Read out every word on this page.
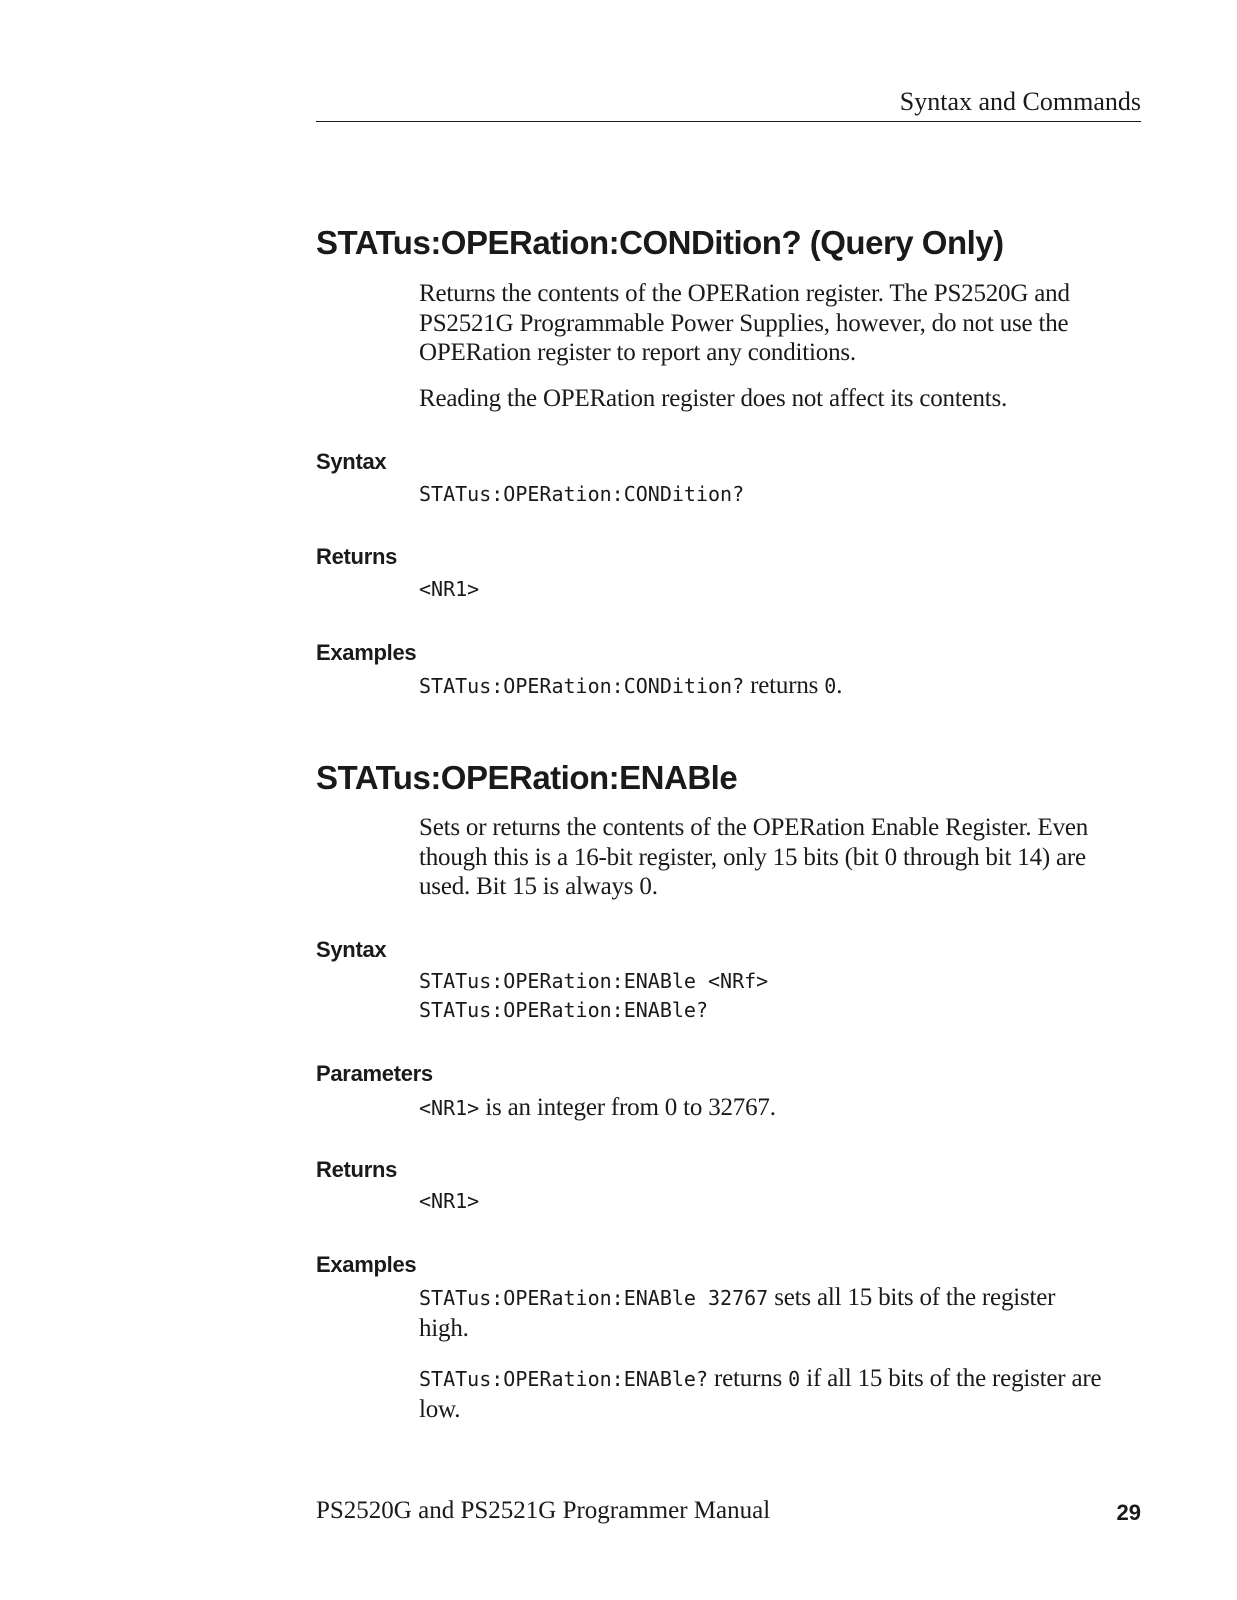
Syntax and Commands
STATus:OPERation:CONDition? (Query Only)
Returns the contents of the OPERation register. The PS2520G and PS2521G Programmable Power Supplies, however, do not use the OPERation register to report any conditions.
Reading the OPERation register does not affect its contents.
Syntax
STATus:OPERation:CONDition?
Returns
<NR1>
Examples
STATus:OPERation:CONDition? returns 0.
STATus:OPERation:ENABle
Sets or returns the contents of the OPERation Enable Register. Even though this is a 16-bit register, only 15 bits (bit 0 through bit 14) are used. Bit 15 is always 0.
Syntax
STATus:OPERation:ENABle <NRf>
STATus:OPERation:ENABle?
Parameters
<NR1> is an integer from 0 to 32767.
Returns
<NR1>
Examples
STATus:OPERation:ENABle 32767 sets all 15 bits of the register high.
STATus:OPERation:ENABle? returns 0 if all 15 bits of the register are low.
PS2520G and PS2521G Programmer Manual	29
